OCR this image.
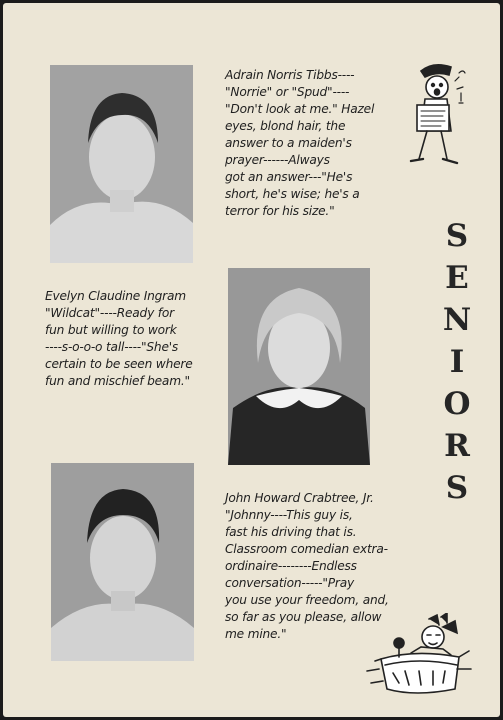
Adrain Norris Tibbs----
"Norrie" or "Spud"----
"Don't look at me." Hazel
eyes, blond hair, the
answer to a maiden's
prayer------Always
got an answer---"He's
short, he's wise; he's a
terror for his size."
Evelyn Claudine Ingram
"Wildcat"----Ready for
fun but willing to work
----s-o-o-o tall----"She's
certain to be seen where
fun and mischief beam."
John Howard Crabtree, Jr.
"Johnny----This guy is,
fast his driving that is.
Classroom comedian extra-
ordinaire--------Endless
conversation-----"Pray
you use your freedom, and,
so far as you please, allow
me mine."
S
E
N
I
O
R
S
